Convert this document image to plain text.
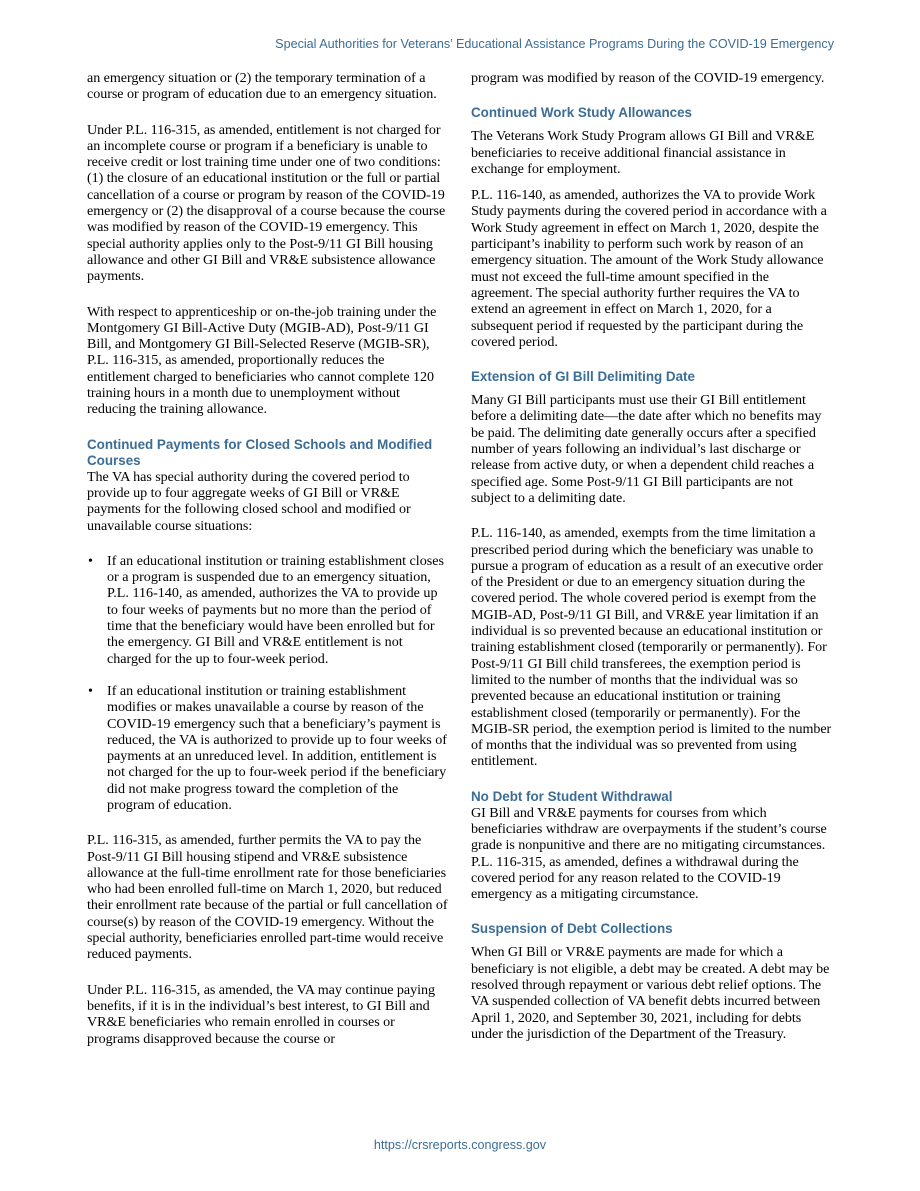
Special Authorities for Veterans’ Educational Assistance Programs During the COVID-19 Emergency

an emergency situation or (2) the temporary termination of a course or program of education due to an emergency situation.

Under P.L. 116-315, as amended, entitlement is not charged for an incomplete course or program if a beneficiary is unable to receive credit or lost training time under one of two conditions: (1) the closure of an educational institution or the full or partial cancellation of a course or program by reason of the COVID-19 emergency or (2) the disapproval of a course because the course was modified by reason of the COVID-19 emergency. This special authority applies only to the Post-9/11 GI Bill housing allowance and other GI Bill and VR&E subsistence allowance payments.

With respect to apprenticeship or on-the-job training under the Montgomery GI Bill-Active Duty (MGIB-AD), Post-9/11 GI Bill, and Montgomery GI Bill-Selected Reserve (MGIB-SR), P.L. 116-315, as amended, proportionally reduces the entitlement charged to beneficiaries who cannot complete 120 training hours in a month due to unemployment without reducing the training allowance.

Continued Payments for Closed Schools and Modified Courses

The VA has special authority during the covered period to provide up to four aggregate weeks of GI Bill or VR&E payments for the following closed school and modified or unavailable course situations:

• If an educational institution or training establishment closes or a program is suspended due to an emergency situation, P.L. 116-140, as amended, authorizes the VA to provide up to four weeks of payments but no more than the period of time that the beneficiary would have been enrolled but for the emergency. GI Bill and VR&E entitlement is not charged for the up to four-week period.
• If an educational institution or training establishment modifies or makes unavailable a course by reason of the COVID-19 emergency such that a beneficiary’s payment is reduced, the VA is authorized to provide up to four weeks of payments at an unreduced level. In addition, entitlement is not charged for the up to four-week period if the beneficiary did not make progress toward the completion of the program of education.

P.L. 116-315, as amended, further permits the VA to pay the Post-9/11 GI Bill housing stipend and VR&E subsistence allowance at the full-time enrollment rate for those beneficiaries who had been enrolled full-time on March 1, 2020, but reduced their enrollment rate because of the partial or full cancellation of course(s) by reason of the COVID-19 emergency. Without the special authority, beneficiaries enrolled part-time would receive reduced payments.

Under P.L. 116-315, as amended, the VA may continue paying benefits, if it is in the individual’s best interest, to GI Bill and VR&E beneficiaries who remain enrolled in courses or programs disapproved because the course or

program was modified by reason of the COVID-19 emergency.

Continued Work Study Allowances

The Veterans Work Study Program allows GI Bill and VR&E beneficiaries to receive additional financial assistance in exchange for employment.

P.L. 116-140, as amended, authorizes the VA to provide Work Study payments during the covered period in accordance with a Work Study agreement in effect on March 1, 2020, despite the participant’s inability to perform such work by reason of an emergency situation. The amount of the Work Study allowance must not exceed the full-time amount specified in the agreement. The special authority further requires the VA to extend an agreement in effect on March 1, 2020, for a subsequent period if requested by the participant during the covered period.

Extension of GI Bill Delimiting Date

Many GI Bill participants must use their GI Bill entitlement before a delimiting date—the date after which no benefits may be paid. The delimiting date generally occurs after a specified number of years following an individual’s last discharge or release from active duty, or when a dependent child reaches a specified age. Some Post-9/11 GI Bill participants are not subject to a delimiting date.

P.L. 116-140, as amended, exempts from the time limitation a prescribed period during which the beneficiary was unable to pursue a program of education as a result of an executive order of the President or due to an emergency situation during the covered period. The whole covered period is exempt from the MGIB-AD, Post-9/11 GI Bill, and VR&E year limitation if an individual is so prevented because an educational institution or training establishment closed (temporarily or permanently). For Post-9/11 GI Bill child transferees, the exemption period is limited to the number of months that the individual was so prevented because an educational institution or training establishment closed (temporarily or permanently). For the MGIB-SR period, the exemption period is limited to the number of months that the individual was so prevented from using entitlement.

No Debt for Student Withdrawal

GI Bill and VR&E payments for courses from which beneficiaries withdraw are overpayments if the student’s course grade is nonpunitive and there are no mitigating circumstances. P.L. 116-315, as amended, defines a withdrawal during the covered period for any reason related to the COVID-19 emergency as a mitigating circumstance.

Suspension of Debt Collections

When GI Bill or VR&E payments are made for which a beneficiary is not eligible, a debt may be created. A debt may be resolved through repayment or various debt relief options. The VA suspended collection of VA benefit debts incurred between April 1, 2020, and September 30, 2021, including for debts under the jurisdiction of the Department of the Treasury.

https://crsreports.congress.gov
